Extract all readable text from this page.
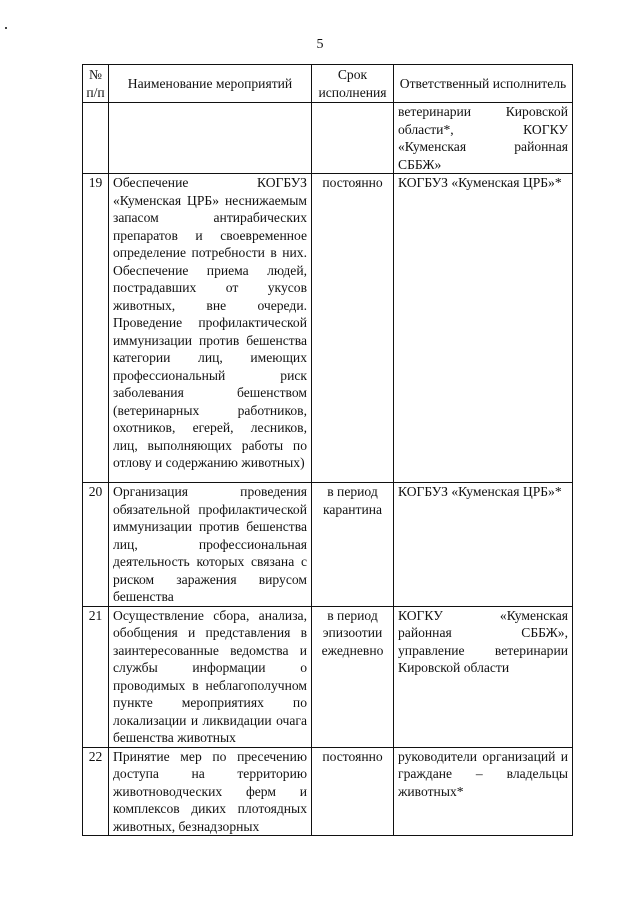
5
№ п/п	Наименование мероприятий	Срок исполнения	Ответственный исполнитель
			ветеринарии Кировской области*, КОГКУ «Куменская районная СББЖ»
19	Обеспечение КОГБУЗ «Куменская ЦРБ» неснижаемым запасом антирабических препаратов и своевременное определение потребности в них. Обеспечение приема людей, пострадавших от укусов животных, вне очереди. Проведение профилактической иммунизации против бешенства категории лиц, имеющих профессиональный риск заболевания бешенством (ветеринарных работников, охотников, егерей, лесников, лиц, выполняющих работы по отлову и содержанию животных)	постоянно	КОГБУЗ «Куменская ЦРБ»*
20	Организация проведения обязательной профилактической иммунизации против бешенства лиц, профессиональная деятельность которых связана с риском заражения вирусом бешенства	в период карантина	КОГБУЗ «Куменская ЦРБ»*
21	Осуществление сбора, анализа, обобщения и представления в заинтересованные ведомства и службы информации о проводимых в неблагополучном пункте мероприятиях по локализации и ликвидации очага бешенства животных	в период эпизоотии ежедневно	КОГКУ «Куменская районная СББЖ», управление ветеринарии Кировской области
22	Принятие мер по пресечению доступа на территорию животноводческих ферм и комплексов диких плотоядных животных, безнадзорных	постоянно	руководители организаций и граждане – владельцы животных*
